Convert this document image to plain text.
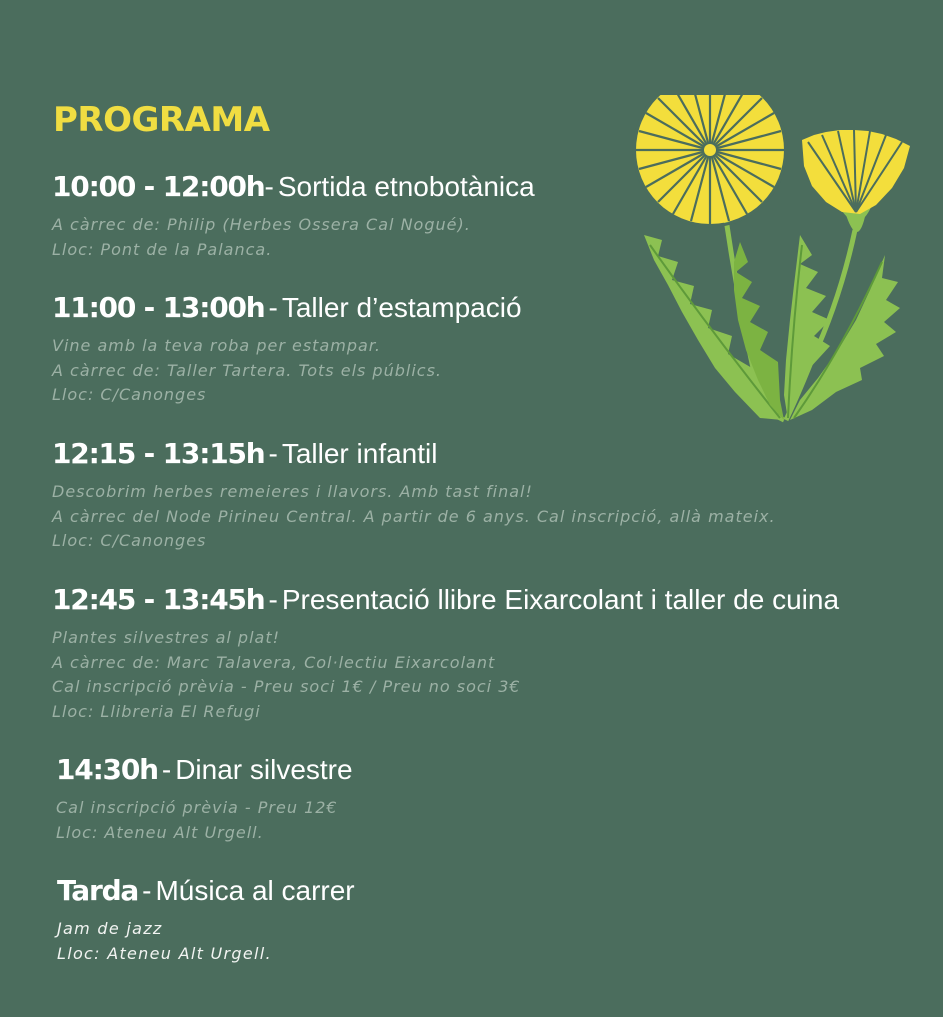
PROGRAMA
10:00 - 12:00h- Sortida etnobotànica
A càrrec de: Philip (Herbes Ossera Cal Nogué).
Lloc: Pont de la Palanca.
11:00 - 13:00h - Taller d’estampació
Vine amb la teva roba per estampar.
A càrrec de: Taller Tartera. Tots els públics.
Lloc: C/Canonges
12:15 - 13:15h - Taller infantil
Descobrim herbes remeieres i llavors. Amb tast final!
A càrrec del Node Pirineu Central. A partir de 6 anys. Cal inscripció, allà mateix.
Lloc: C/Canonges
12:45 - 13:45h - Presentació llibre Eixarcolant i taller de cuina
Plantes silvestres al plat!
A càrrec de: Marc Talavera, Col·lectiu Eixarcolant
Cal inscripció prèvia - Preu soci 1€ / Preu no soci 3€
Lloc: Llibreria El Refugi
14:30h - Dinar silvestre
Cal inscripció prèvia - Preu 12€
Lloc: Ateneu Alt Urgell.
Tarda - Música al carrer
Jam de jazz
Lloc: Ateneu Alt Urgell.
